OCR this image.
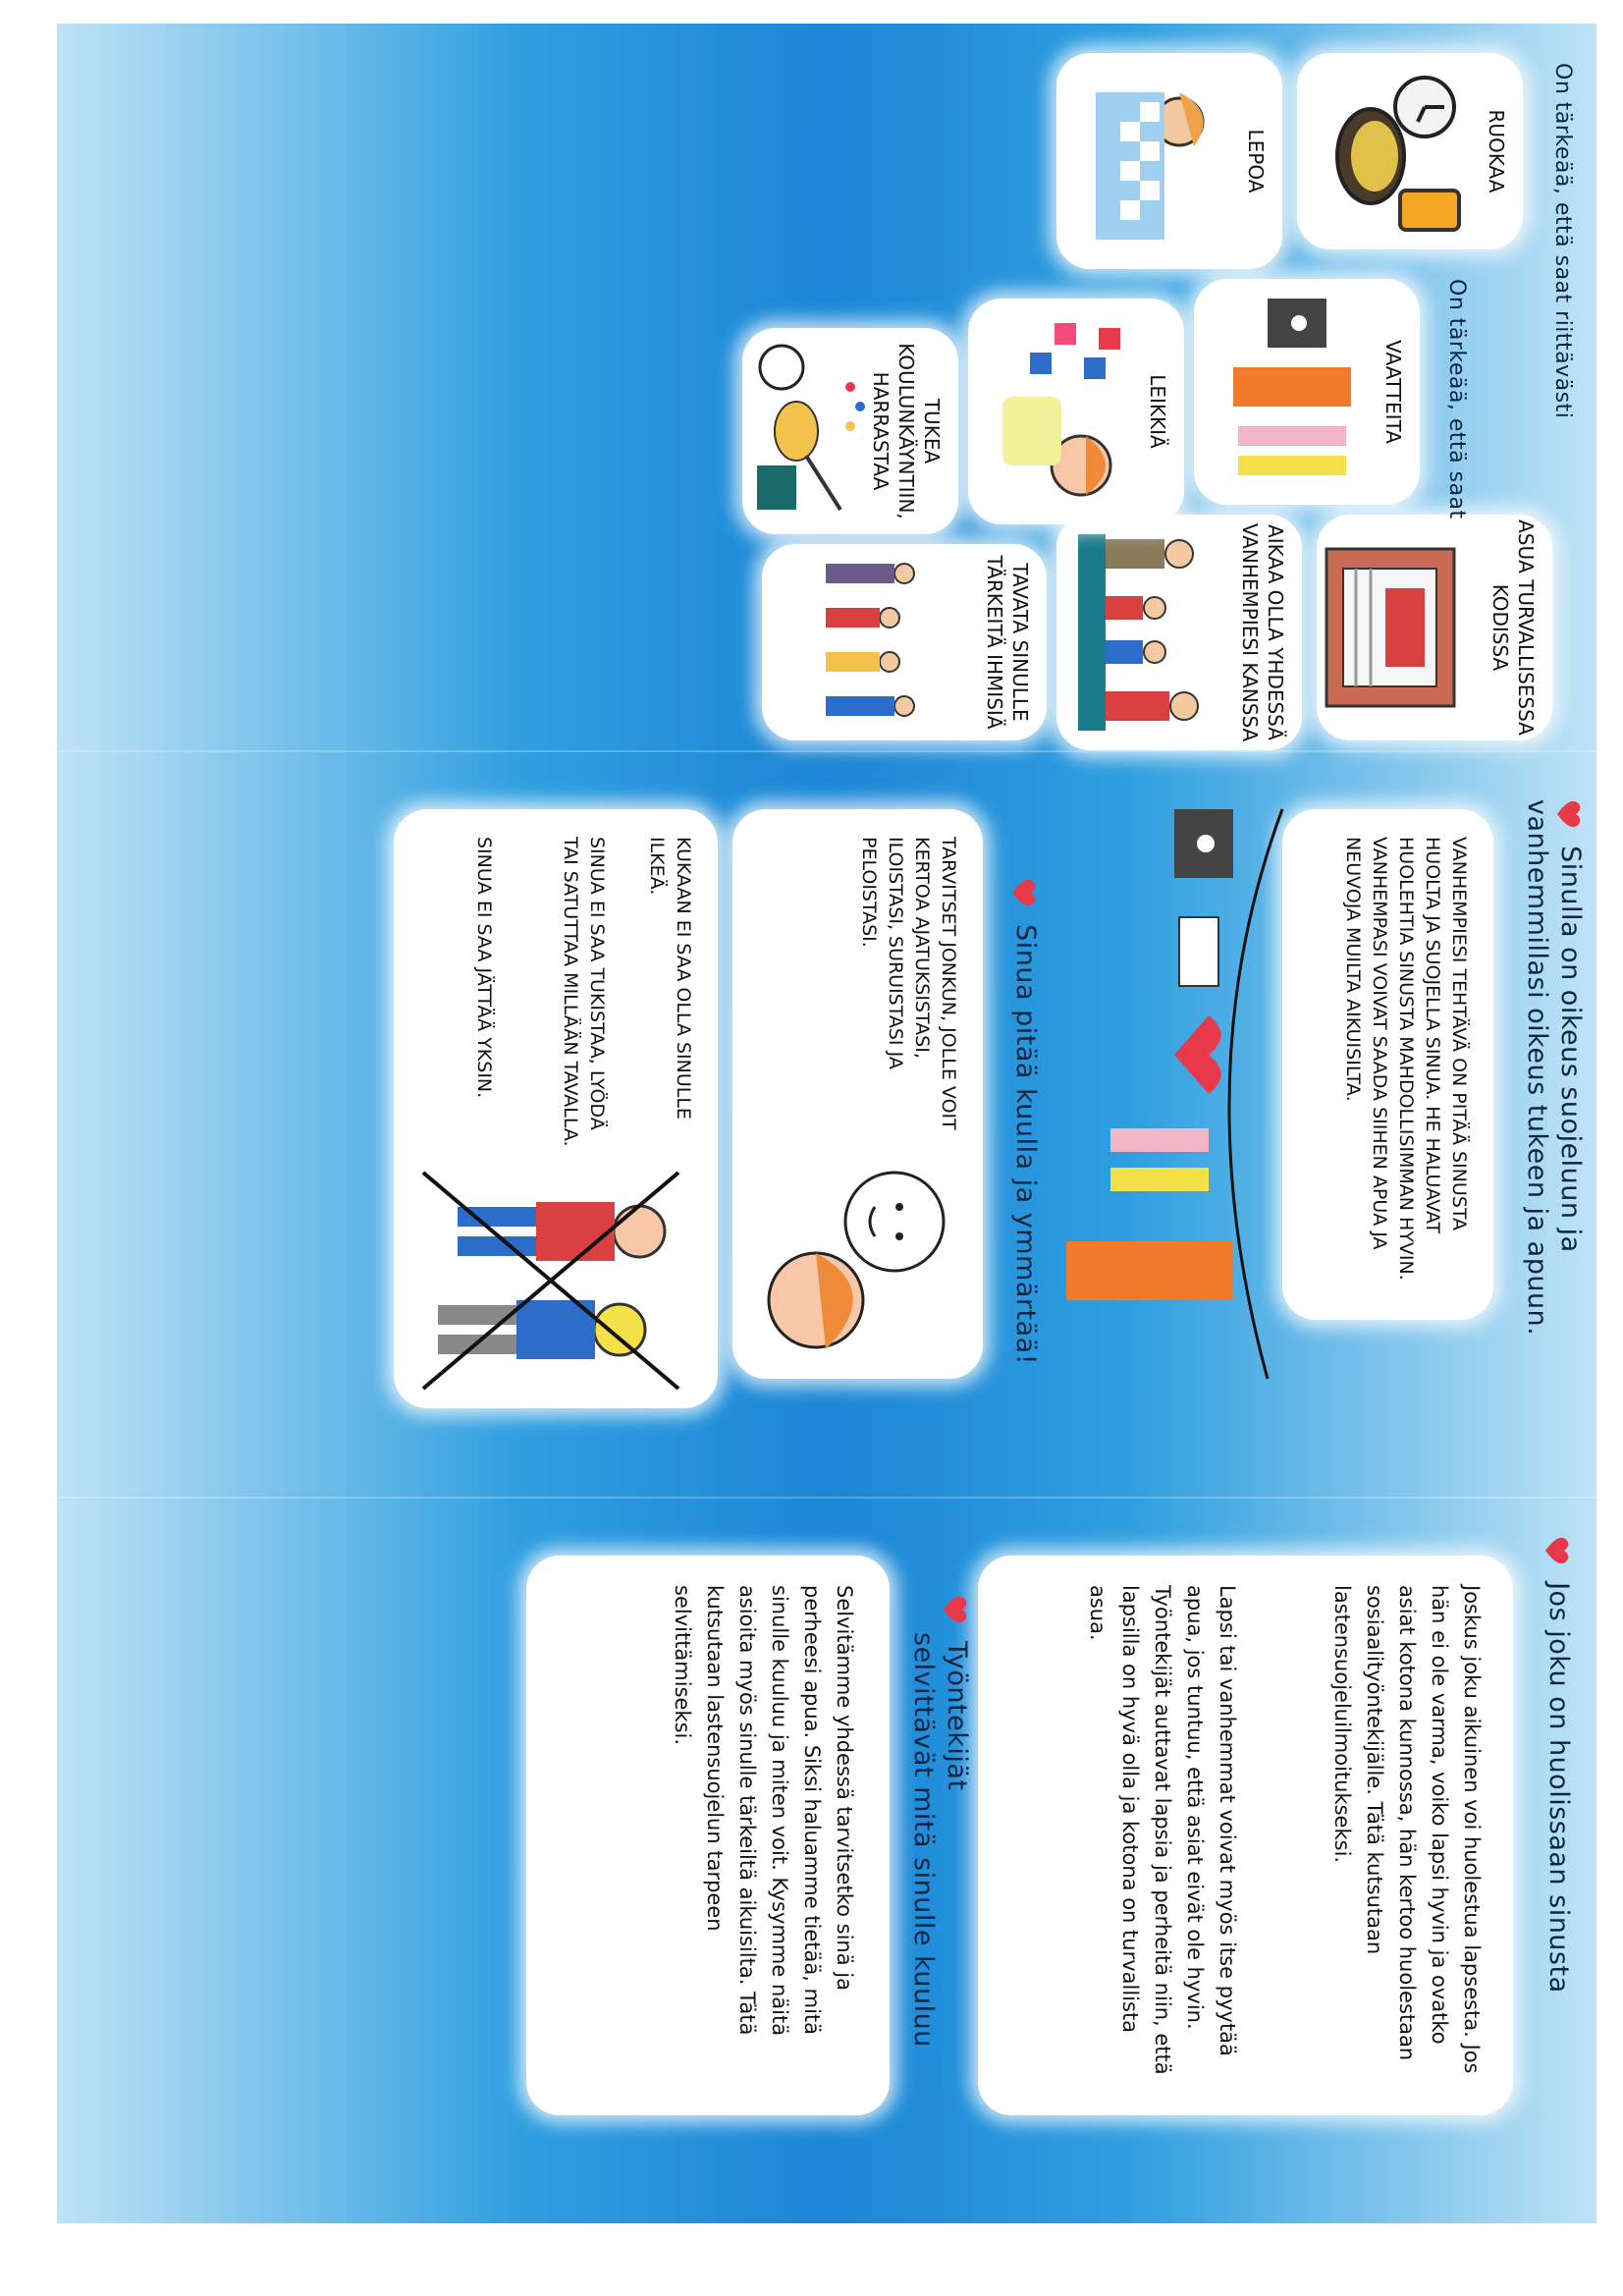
On tärkeää, että saat riittävästi
RUOKAA
LEPOA
VAATTEITA
ASUA TURVALLISESSA KODISSA
AIKAA OLLA YHDESSÄ VANHEMPIESI KANSSA
LEIKKIÄ
TAVATA SINULLE TÄRKEITÄ IHMISIÄ
TUKEA KOULUNKÄYNTIIN, HARRASTAA	On tärkeää, että saat
Sinulla on oikeus suojeluun ja vanhemmillasi oikeus tukeen ja apuun.
VANHEMPIESI TEHTÄVÄ ON PITÄÄ SINUSTA HUOLTA JA SUOJELLA SINUA. HE HALUAVAT HUOLEHTIA SINUSTA MAHDOLLISIMMAN HYVIN. VANHEMPASI VOIVAT SAADA SIIHEN APUA JA NEUVOJA MUILTA AIKUISILTA.
Sinua pitää kuulla ja ymmärtää!
TARVITSET JONKUN, JOLLE VOIT KERTOA AJATUKSISTASI, ILOISTASI, SURUISTASI JA PELOISTASI.
KUKAAN EI SAA OLLA SINULLE ILKEÄ.
SINUA EI SAA TUKISTAA, LYÖDÄ TAI SATUTTAA MILLÄÄN TAVALLA.
SINUA EI SAA JÄTTÄÄ YKSIN.
Jos joku on huolissaan sinusta
Joskus joku aikuinen voi huolestua lapsesta. Jos hän ei ole varma, voiko lapsi hyvin ja ovatko asiat kotona kunnossa, hän kertoo huolestaan sosiaalityöntekijälle. Tätä kutsutaan lastensuojeluilmoitukseksi.
Lapsi tai vanhemmat voivat myös itse pyytää apua, jos tuntuu, että asiat eivät ole hyvin. Työntekijät auttavat lapsia ja perheitä niin, että lapsilla on hyvä olla ja kotona on turvallista asua.
Työntekijät
selvittävät mitä sinulle kuuluu
Selvitämme yhdessä tarvitsetko sinä ja perheesi apua. Siksi haluamme tietää, mitä sinulle kuuluu ja miten voit. Kysymme näitä asioita myös sinulle tärkeiltä aikuisilta. Tätä kutsutaan lastensuojelun tarpeen selvittämiseksi.
